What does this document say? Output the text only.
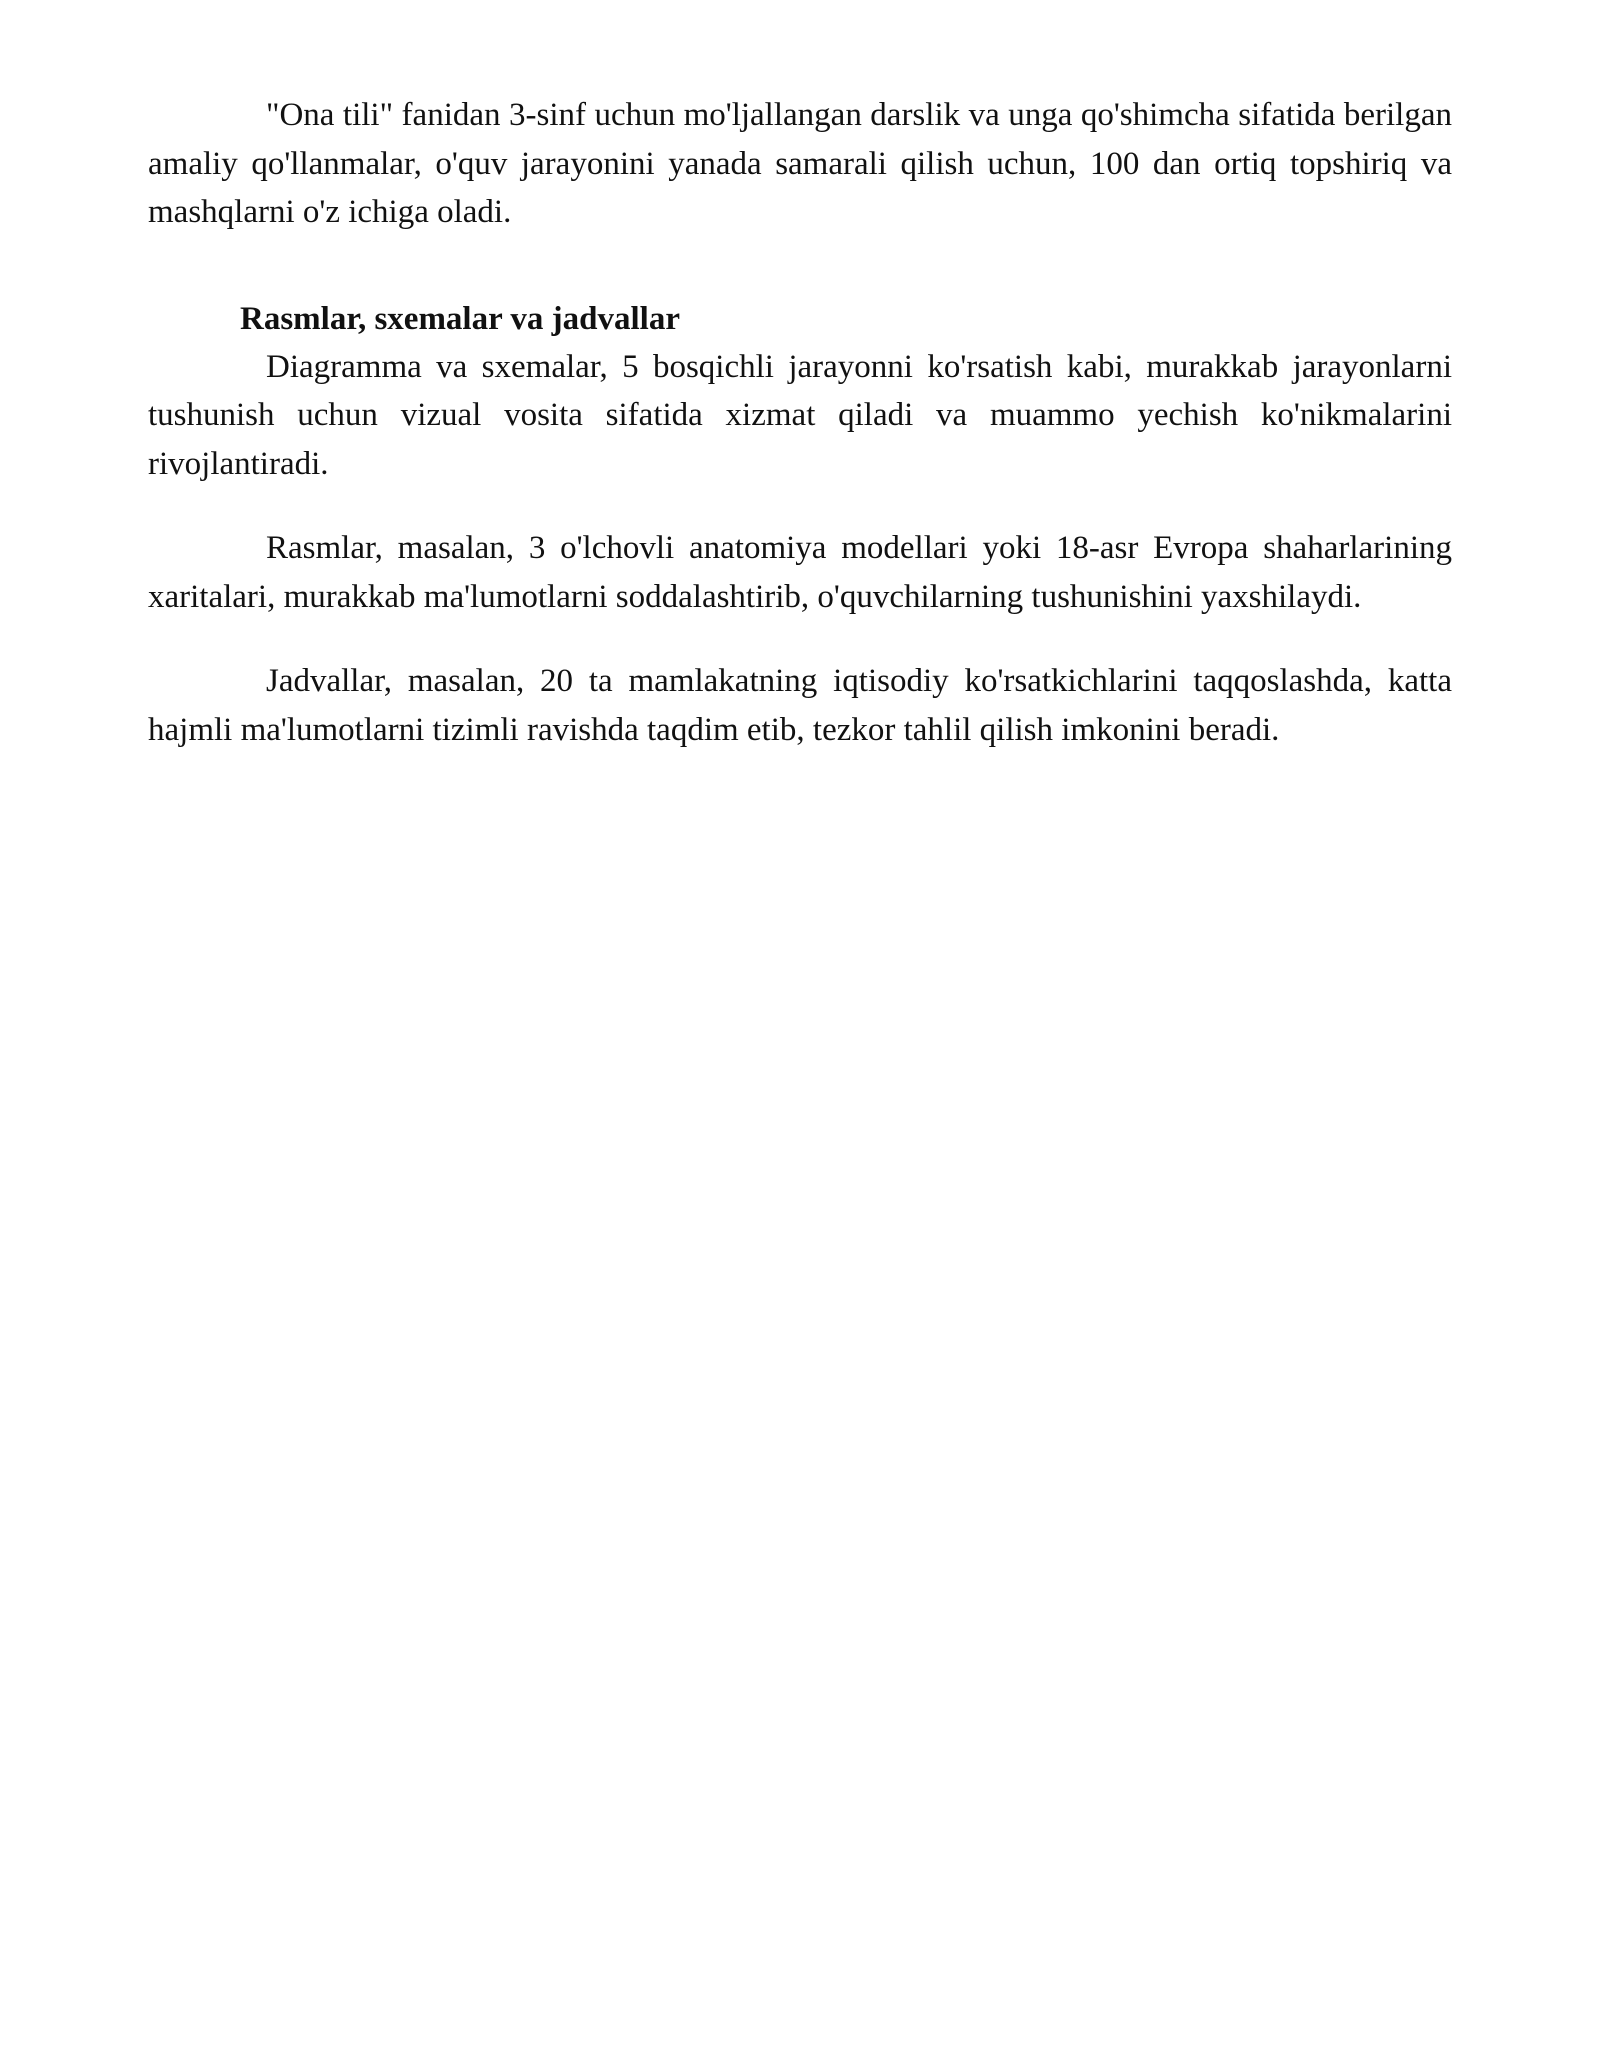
"Ona tili" fanidan 3-sinf uchun mo'ljallangan darslik va unga qo'shimcha sifatida berilgan amaliy qo'llanmalar, o'quv jarayonini yanada samarali qilish uchun, 100 dan ortiq topshiriq va mashqlarni o'z ichiga oladi.

Rasmlar, sxemalar va jadvallar

Diagramma va sxemalar, 5 bosqichli jarayonni ko'rsatish kabi, murakkab jarayonlarni tushunish uchun vizual vosita sifatida xizmat qiladi va muammo yechish ko'nikmalarini rivojlantiradi.

Rasmlar, masalan, 3 o'lchovli anatomiya modellari yoki 18-asr Evropa shaharlarining xaritalari, murakkab ma'lumotlarni soddalashtirib, o'quvchilarning tushunishini yaxshilaydi.

Jadvallar, masalan, 20 ta mamlakatning iqtisodiy ko'rsatkichlarini taqqoslashda, katta hajmli ma'lumotlarni tizimli ravishda taqdim etib, tezkor tahlil qilish imkonini beradi.
